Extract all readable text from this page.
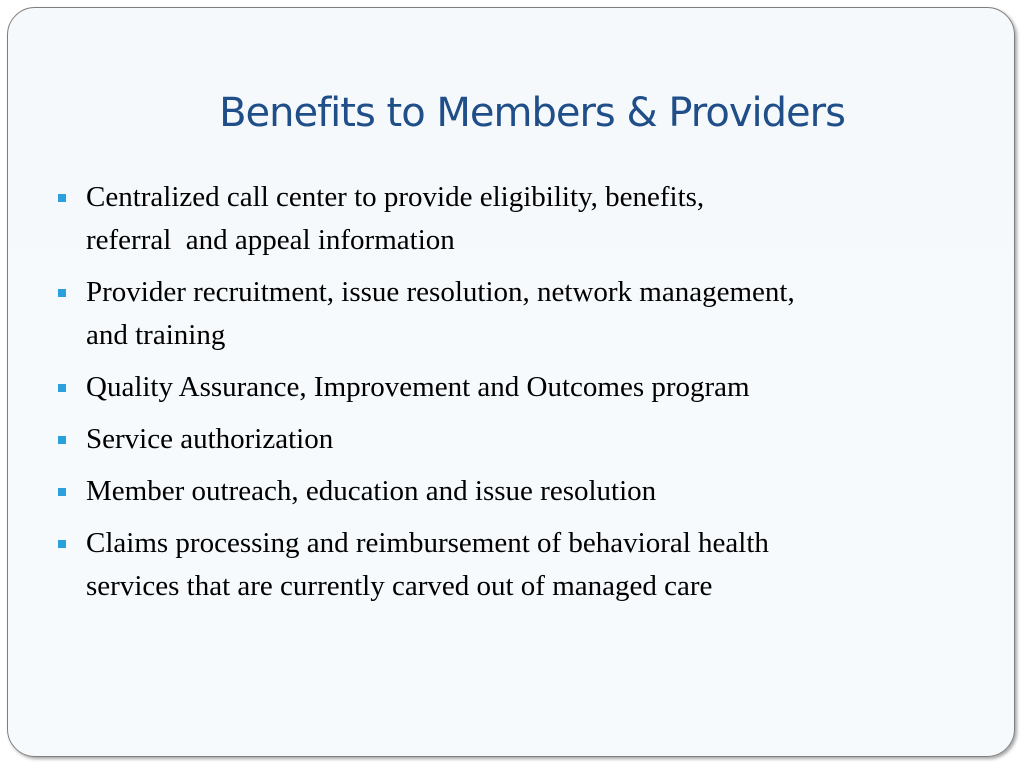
Benefits to Members & Providers
Centralized call center to provide eligibility, benefits,
referral  and appeal information
Provider recruitment, issue resolution, network management,
and training
Quality Assurance, Improvement and Outcomes program
Service authorization
Member outreach, education and issue resolution
Claims processing and reimbursement of behavioral health
services that are currently carved out of managed care
